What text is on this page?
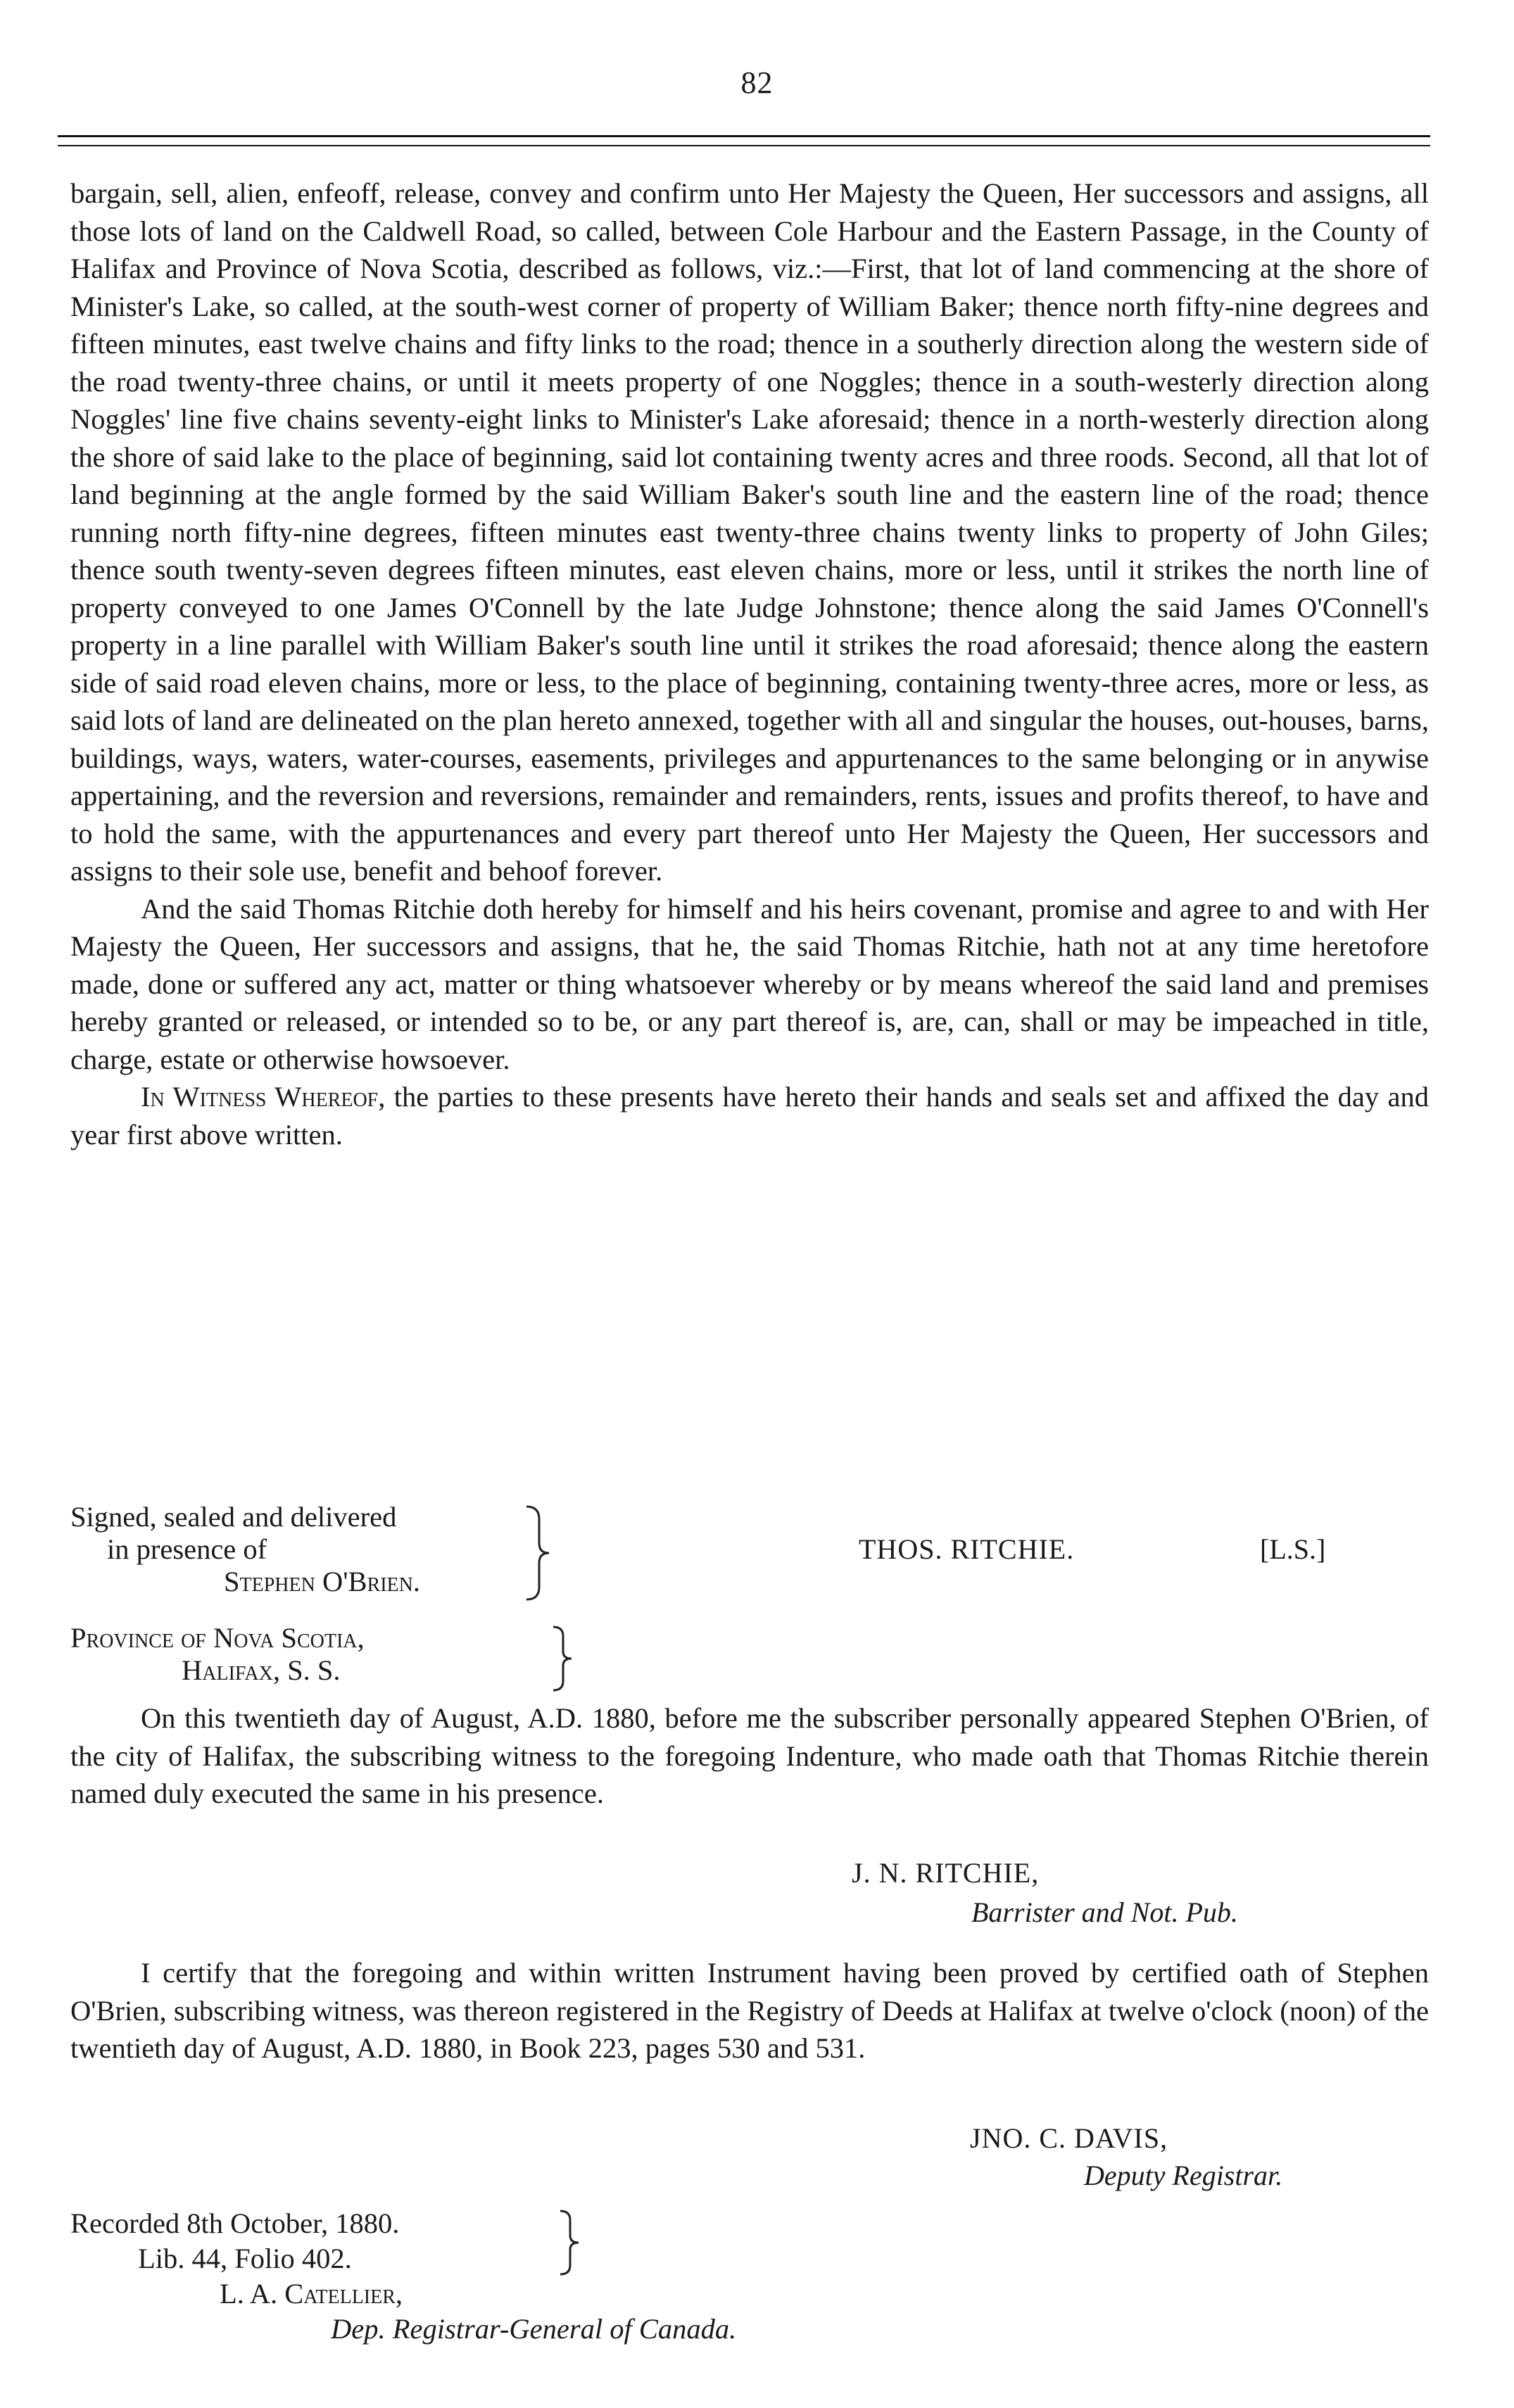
82

bargain, sell, alien, enfeoff, release, convey and confirm unto Her Majesty the Queen, Her successors and assigns, all those lots of land on the Caldwell Road, so called, between Cole Harbour and the Eastern Passage, in the County of Halifax and Province of Nova Scotia, described as follows, viz.:—First, that lot of land commencing at the shore of Minister's Lake, so called, at the south-west corner of property of William Baker; thence north fifty-nine degrees and fifteen minutes, east twelve chains and fifty links to the road; thence in a southerly direction along the western side of the road twenty-three chains, or until it meets property of one Noggles; thence in a south-westerly direction along Noggles' line five chains seventy-eight links to Minister's Lake aforesaid; thence in a north-westerly direction along the shore of said lake to the place of beginning, said lot containing twenty acres and three roods. Second, all that lot of land beginning at the angle formed by the said William Baker's south line and the eastern line of the road; thence running north fifty-nine degrees, fifteen minutes east twenty-three chains twenty links to property of John Giles; thence south twenty-seven degrees fifteen minutes, east eleven chains, more or less, until it strikes the north line of property conveyed to one James O'Connell by the late Judge Johnstone; thence along the said James O'Connell's property in a line parallel with William Baker's south line until it strikes the road aforesaid; thence along the eastern side of said road eleven chains, more or less, to the place of beginning, containing twenty-three acres, more or less, as said lots of land are delineated on the plan hereto annexed, together with all and singular the houses, out-houses, barns, buildings, ways, waters, water-courses, easements, privileges and appurtenances to the same belonging or in anywise appertaining, and the reversion and reversions, remainder and remainders, rents, issues and profits thereof, to have and to hold the same, with the appurtenances and every part thereof unto Her Majesty the Queen, Her successors and assigns to their sole use, benefit and behoof forever.

And the said Thomas Ritchie doth hereby for himself and his heirs covenant, promise and agree to and with Her Majesty the Queen, Her successors and assigns, that he, the said Thomas Ritchie, hath not at any time heretofore made, done or suffered any act, matter or thing whatsoever whereby or by means whereof the said land and premises hereby granted or released, or intended so to be, or any part thereof is, are, can, shall or may be impeached in title, charge, estate or otherwise howsoever.

In Witness Whereof, the parties to these presents have hereto their hands and seals set and affixed the day and year first above written.

Signed, sealed and delivered
in presence of
Stephen O'Brien.
THOS. RITCHIE.	[L.S.]
Province of Nova Scotia,
Halifax, S. S.

On this twentieth day of August, A.D. 1880, before me the subscriber personally appeared Stephen O'Brien, of the city of Halifax, the subscribing witness to the foregoing Indenture, who made oath that Thomas Ritchie therein named duly executed the same in his presence.

J. N. RITCHIE,
Barrister and Not. Pub.

I certify that the foregoing and within written Instrument having been proved by certified oath of Stephen O'Brien, subscribing witness, was thereon registered in the Registry of Deeds at Halifax at twelve o'clock (noon) of the twentieth day of August, A.D. 1880, in Book 223, pages 530 and 531.

JNO. C. DAVIS,
Deputy Registrar.
Recorded 8th October, 1880.
Lib. 44, Folio 402.
L. A. Catellier,
Dep. Registrar-General of Canada.
